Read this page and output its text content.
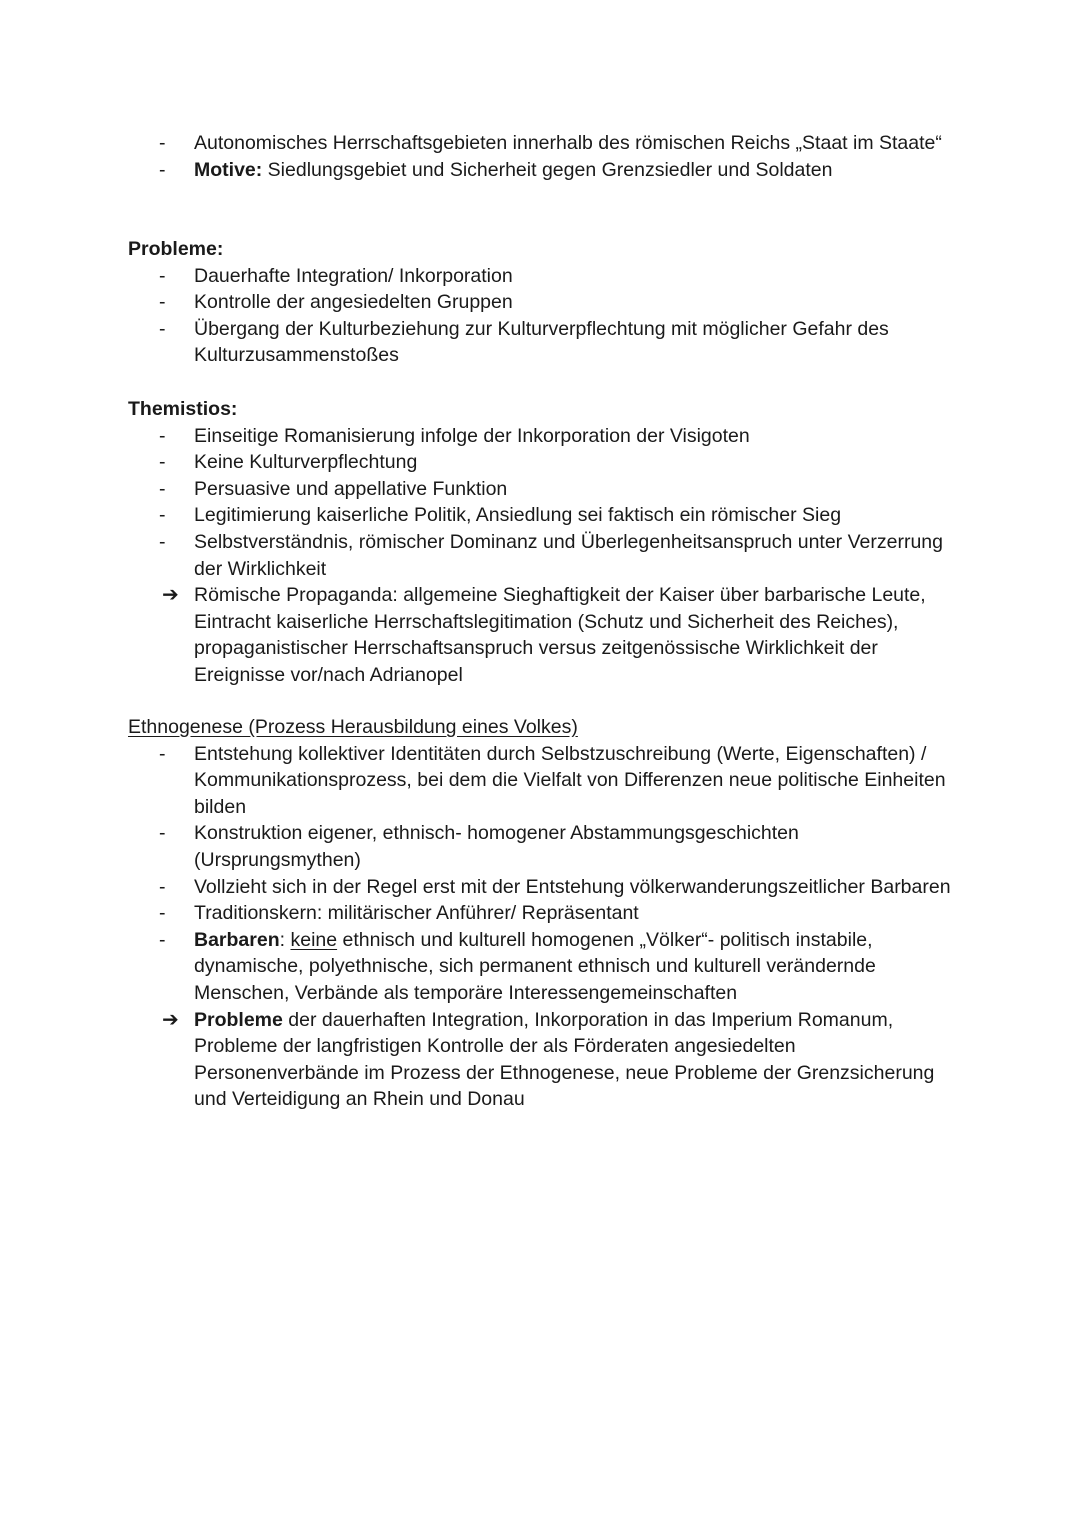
-	Autonomisches Herrschaftsgebieten innerhalb des römischen Reichs „Staat im Staate“
-	Motive: Siedlungsgebiet und Sicherheit gegen Grenzsiedler und Soldaten
Probleme:
-	Dauerhafte Integration/ Inkorporation
-	Kontrolle der angesiedelten Gruppen
-	Übergang der Kulturbeziehung zur Kulturverpflechtung mit möglicher Gefahr des Kulturzusammenstoßes
Themistios:
-	Einseitige Romanisierung infolge der Inkorporation der Visigoten
-	Keine Kulturverpflechtung
-	Persuasive und appellative Funktion
-	Legitimierung kaiserliche Politik, Ansiedlung sei faktisch ein römischer Sieg
-	Selbstverständnis, römischer Dominanz und Überlegenheitsanspruch unter Verzerrung der Wirklichkeit
➔ Römische Propaganda: allgemeine Sieghaftigkeit der Kaiser über barbarische Leute, Eintracht kaiserliche Herrschaftslegitimation (Schutz und Sicherheit des Reiches), propaganistischer Herrschaftsanspruch versus zeitgenössische Wirklichkeit der Ereignisse vor/nach Adrianopel
Ethnogenese (Prozess Herausbildung eines Volkes)
-	Entstehung kollektiver Identitäten durch Selbstzuschreibung (Werte, Eigenschaften) / Kommunikationsprozess, bei dem die Vielfalt von Differenzen neue politische Einheiten bilden
-	Konstruktion eigener, ethnisch- homogener Abstammungsgeschichten (Ursprungsmythen)
-	Vollzieht sich in der Regel erst mit der Entstehung völkerwanderungszeitlicher Barbaren
-	Traditionskern: militärischer Anführer/ Repräsentant
-	Barbaren: keine ethnisch und kulturell homogenen „Völker“- politisch instabile, dynamische, polyethnische, sich permanent ethnisch und kulturell verändernde Menschen, Verbände als temporäre Interessengemeinschaften
➔ Probleme der dauerhaften Integration, Inkorporation in das Imperium Romanum, Probleme der langfristigen Kontrolle der als Förderaten angesiedelten Personenverbände im Prozess der Ethnogenese, neue Probleme der Grenzsicherung und Verteidigung an Rhein und Donau
